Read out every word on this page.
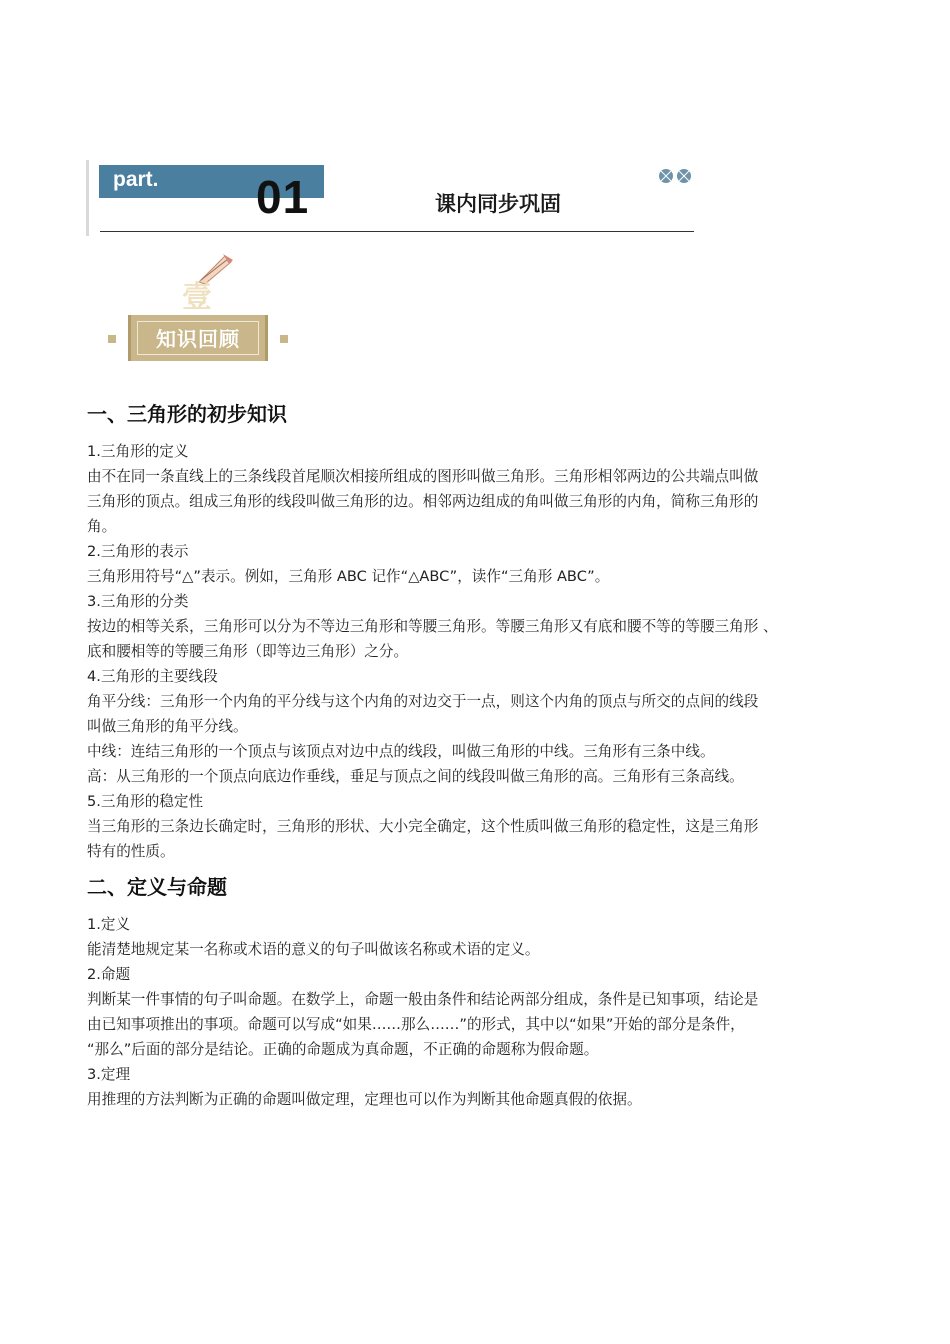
part. 01	课内同步巩固
壹
知识回顾
一、三角形的初步知识
1.三角形的定义
由不在同一条直线上的三条线段首尾顺次相接所组成的图形叫做三角形。三角形相邻两边的公共端点叫做
三角形的顶点。组成三角形的线段叫做三角形的边。相邻两边组成的角叫做三角形的内角，简称三角形的
角。
2.三角形的表示
三角形用符号“△”表示。例如，三角形 ABC 记作“△ABC”，读作“三角形 ABC”。
3.三角形的分类
按边的相等关系，三角形可以分为不等边三角形和等腰三角形。等腰三角形又有底和腰不等的等腰三角形 、
底和腰相等的等腰三角形（即等边三角形）之分。
4.三角形的主要线段
角平分线：三角形一个内角的平分线与这个内角的对边交于一点，则这个内角的顶点与所交的点间的线段
叫做三角形的角平分线。
中线：连结三角形的一个顶点与该顶点对边中点的线段，叫做三角形的中线。三角形有三条中线。
高：从三角形的一个顶点向底边作垂线，垂足与顶点之间的线段叫做三角形的高。三角形有三条高线。
5.三角形的稳定性
当三角形的三条边长确定时，三角形的形状、大小完全确定，这个性质叫做三角形的稳定性，这是三角形
特有的性质。
二、定义与命题
1.定义
能清楚地规定某一名称或术语的意义的句子叫做该名称或术语的定义。
2.命题
判断某一件事情的句子叫命题。在数学上，命题一般由条件和结论两部分组成，条件是已知事项，结论是
由已知事项推出的事项。命题可以写成“如果……那么……”的形式，其中以“如果”开始的部分是条件，
“那么”后面的部分是结论。正确的命题成为真命题，不正确的命题称为假命题。
3.定理
用推理的方法判断为正确的命题叫做定理，定理也可以作为判断其他命题真假的依据。
